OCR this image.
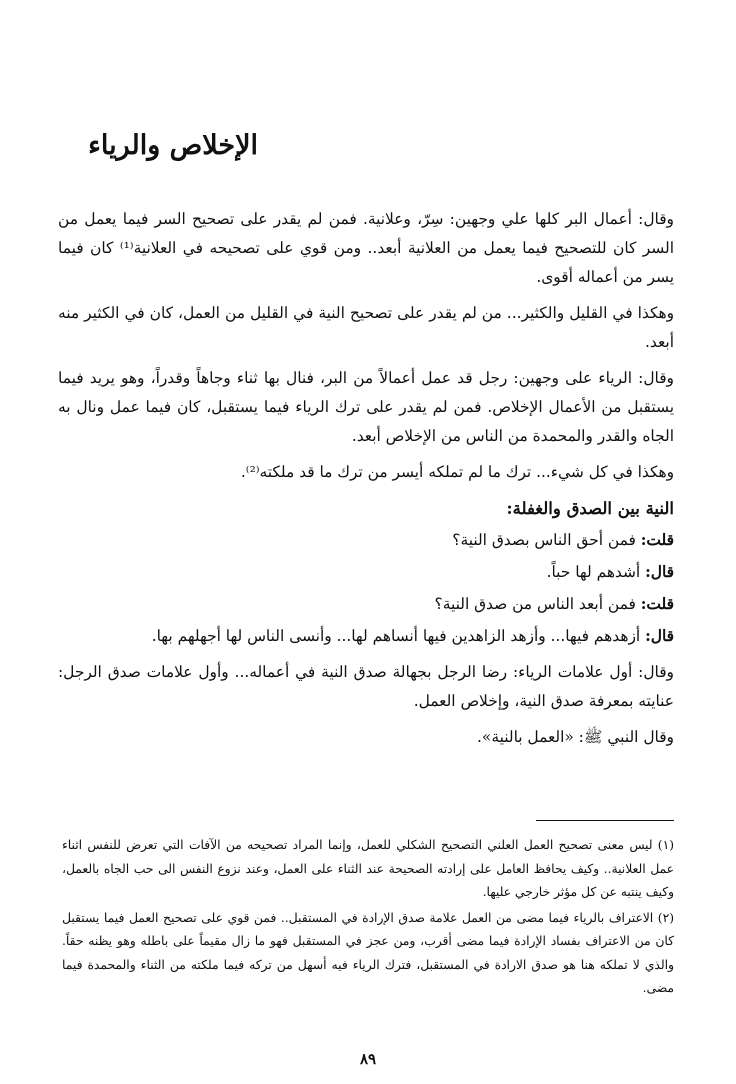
الإخلاص والرياء

وقال: أعمال البر كلها علي وجهين: سِرّ، وعلانية. فمن لم يقدر على تصحيح السر فيما يعمل من السر كان للتصحيح فيما يعمل من العلانية أبعد.. ومن قوي على تصحيحه في العلانية⁽¹⁾ كان فيما يسر من أعماله أقوى.

وهكذا في القليل والكثير... من لم يقدر على تصحيح النية في القليل من العمل، كان في الكثير منه أبعد.

وقال: الرياء على وجهين: رجل قد عمل أعمالاً من البر، فنال بها ثناء وجاهاً وقدراً، وهو يريد فيما يستقبل من الأعمال الإخلاص. فمن لم يقدر على ترك الرياء فيما يستقبل، كان فيما عمل ونال به الجاه والقدر والمحمدة من الناس من الإخلاص أبعد.

وهكذا في كل شيء... ترك ما لم تملكه أيسر من ترك ما قد ملكته⁽²⁾.

النية بين الصدق والغفلة:

قلت: فمن أحق الناس بصدق النية؟

قال: أشدهم لها حباً.

قلت: فمن أبعد الناس من صدق النية؟

قال: أزهدهم فيها... وأزهد الزاهدين فيها أنساهم لها... وأنسى الناس لها أجهلهم بها.

وقال: أول علامات الرياء: رضا الرجل بجهالة صدق النية في أعماله... وأول علامات صدق الرجل: عنايته بمعرفة صدق النية، وإخلاص العمل.

وقال النبي ﷺ: «العمل بالنية».

(١) ليس معنى تصحيح العمل العلني التصحيح الشكلي للعمل، وإنما المراد تصحيحه من الآفات التي تعرض للنفس اثناء عمل العلانية.. وكيف يحافظ العامل على إرادته الصحيحة عند الثناء على العمل، وعند نزوع النفس الى حب الجاه بالعمل، وكيف ينتبه عن كل مؤثر خارجي عليها.

(٢) الاعتراف بالرياء فيما مضى من العمل علامة صدق الإرادة في المستقبل.. فمن قوي على تصحيح العمل فيما يستقبل كان من الاعتراف بفساد الإرادة فيما مضى أقرب، ومن عجز في المستقبل فهو ما زال مقيماً على باطله وهو يظنه حقاً. والذي لا تملكه هنا هو صدق الارادة في المستقبل، فترك الرياء فيه أسهل من تركه فيما ملكته من الثناء والمحمدة فيما مضى.

٨٩
